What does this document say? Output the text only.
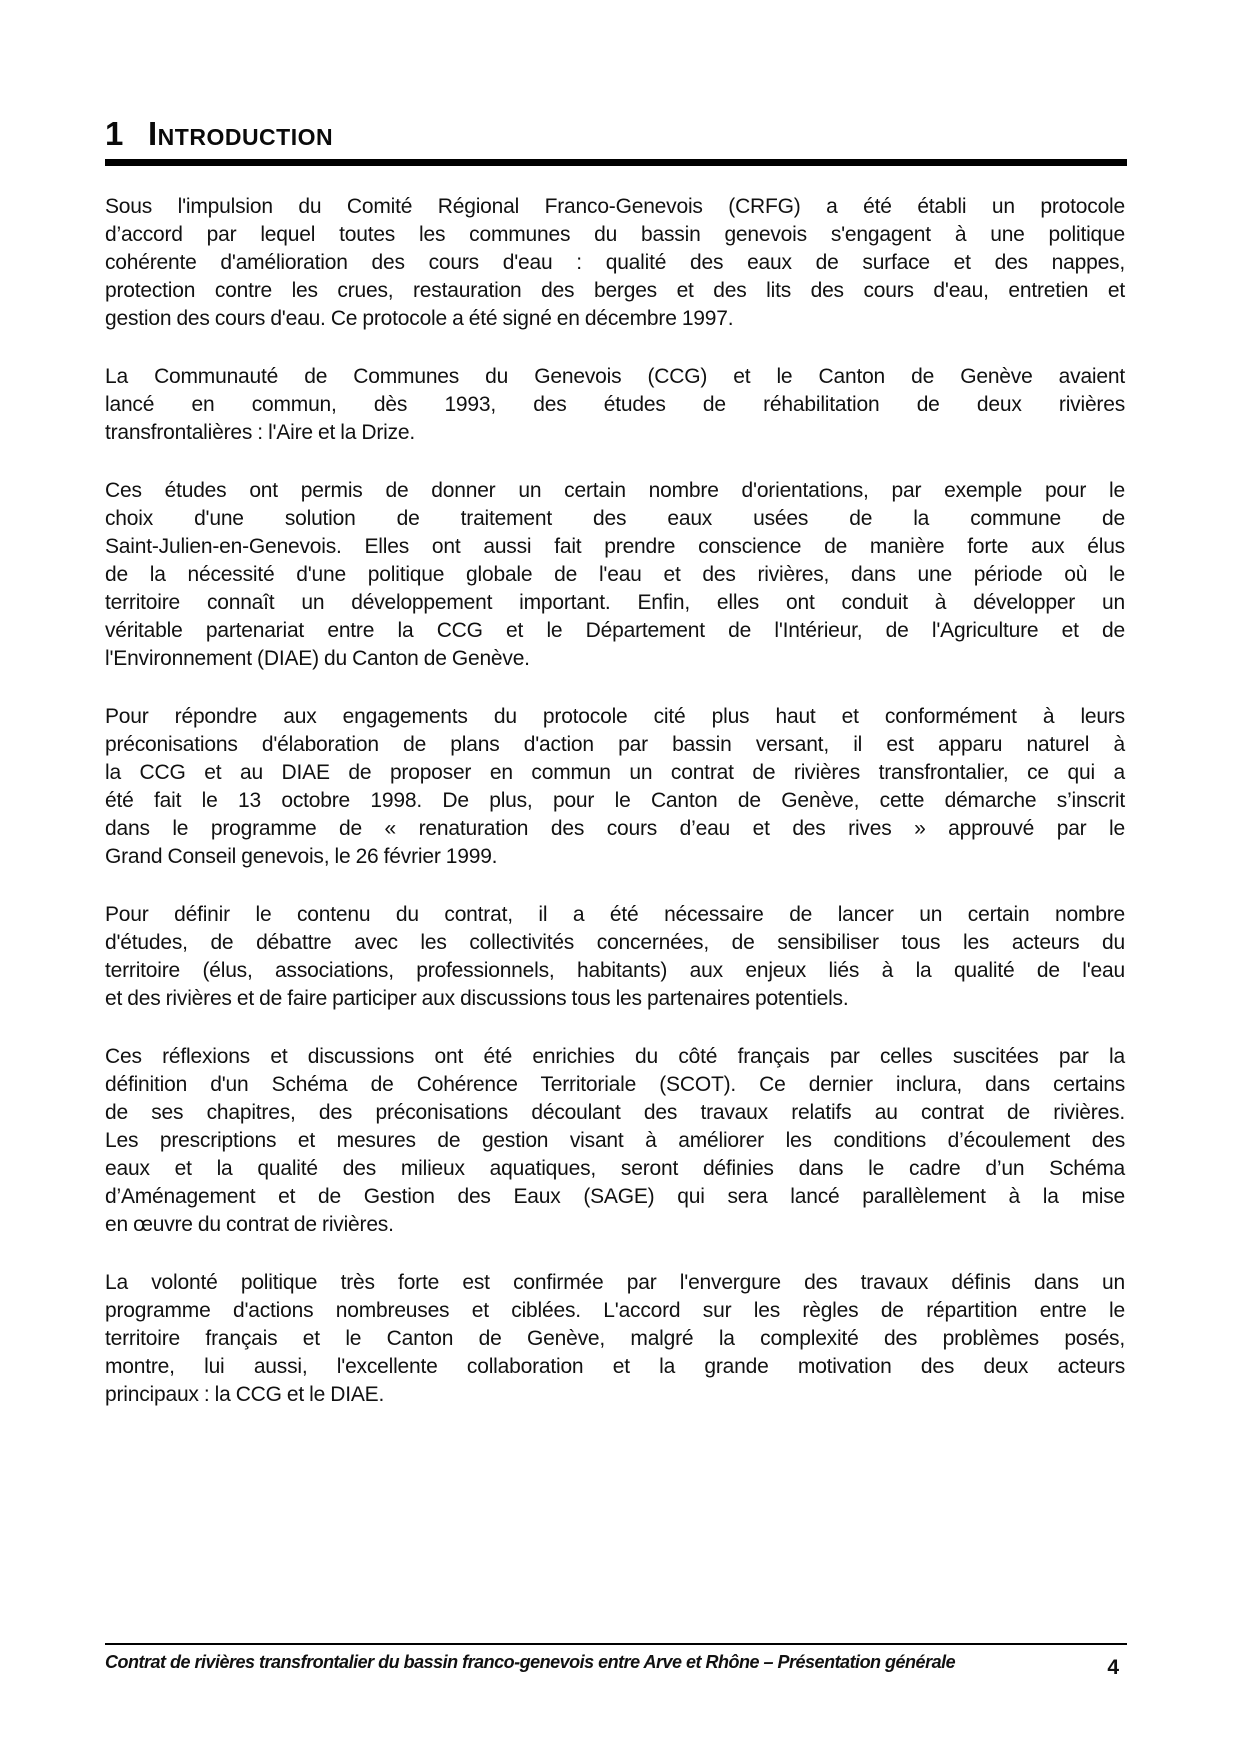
1 Introduction
Sous l'impulsion du Comité Régional Franco-Genevois (CRFG) a été établi un protocole
d’accord par lequel toutes les communes du bassin genevois s'engagent à une politique
cohérente d'amélioration des cours d'eau : qualité des eaux de surface et des nappes,
protection contre les crues, restauration des berges et des lits des cours d'eau, entretien et
gestion des cours d'eau. Ce protocole a été signé en décembre 1997.
La Communauté de Communes du Genevois (CCG) et le Canton de Genève avaient
lancé en commun, dès 1993, des études de réhabilitation de deux rivières
transfrontalières : l'Aire et la Drize.
Ces études ont permis de donner un certain nombre d'orientations, par exemple pour le
choix d'une solution de traitement des eaux usées de la commune de
Saint-Julien-en-Genevois. Elles ont aussi fait prendre conscience de manière forte aux élus
de la nécessité d'une politique globale de l'eau et des rivières, dans une période où le
territoire connaît un développement important. Enfin, elles ont conduit à développer un
véritable partenariat entre la CCG et le Département de l'Intérieur, de l'Agriculture et de
l'Environnement (DIAE) du Canton de Genève.
Pour répondre aux engagements du protocole cité plus haut et conformément à leurs
préconisations d'élaboration de plans d'action par bassin versant, il est apparu naturel à
la CCG et au DIAE de proposer en commun un contrat de rivières transfrontalier, ce qui a
été fait le 13 octobre 1998. De plus, pour le Canton de Genève, cette démarche s’inscrit
dans le programme de « renaturation des cours d’eau et des rives » approuvé par le
Grand Conseil genevois, le 26 février 1999.
Pour définir le contenu du contrat, il a été nécessaire de lancer un certain nombre
d'études, de débattre avec les collectivités concernées, de sensibiliser tous les acteurs du
territoire (élus, associations, professionnels, habitants) aux enjeux liés à la qualité de l'eau
et des rivières et de faire participer aux discussions tous les partenaires potentiels.
Ces réflexions et discussions ont été enrichies du côté français par celles suscitées par la
définition d'un Schéma de Cohérence Territoriale (SCOT). Ce dernier inclura, dans certains
de ses chapitres, des préconisations découlant des travaux relatifs au contrat de rivières.
Les prescriptions et mesures de gestion visant à améliorer les conditions d’écoulement des
eaux et la qualité des milieux aquatiques, seront définies dans le cadre d’un Schéma
d’Aménagement et de Gestion des Eaux (SAGE) qui sera lancé parallèlement à la mise
en œuvre du contrat de rivières.
La volonté politique très forte est confirmée par l'envergure des travaux définis dans un
programme d'actions nombreuses et ciblées. L'accord sur les règles de répartition entre le
territoire français et le Canton de Genève, malgré la complexité des problèmes posés,
montre, lui aussi, l'excellente collaboration et la grande motivation des deux acteurs
principaux : la CCG et le DIAE.
Contrat de rivières transfrontalier du bassin franco-genevois entre Arve et Rhône – Présentation générale	4
